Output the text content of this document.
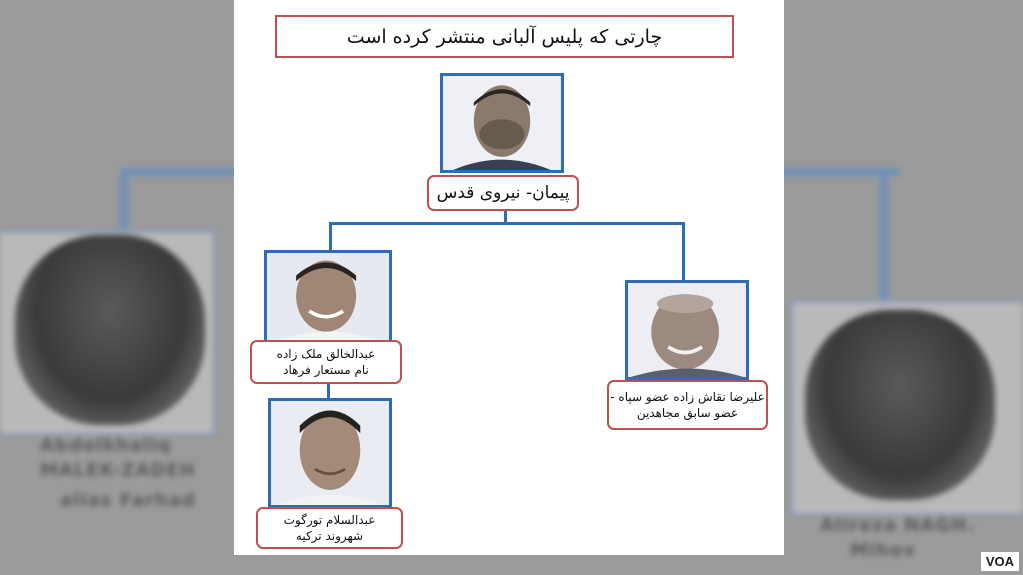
Abdolkhaliq
MALEK-ZADEH
alias Farhad
Alireza NAGH.
Mihov
چارتی که پلیس آلبانی منتشر کرده است
پیمان- نیروی قدس
عبدالخالق ملک زاده
نام مستعار فرهاد
عبدالسلام تورگوت
شهروند ترکیه
علیرضا نقاش زاده عضو سپاه -
عضو سابق مجاهدین
VOA
